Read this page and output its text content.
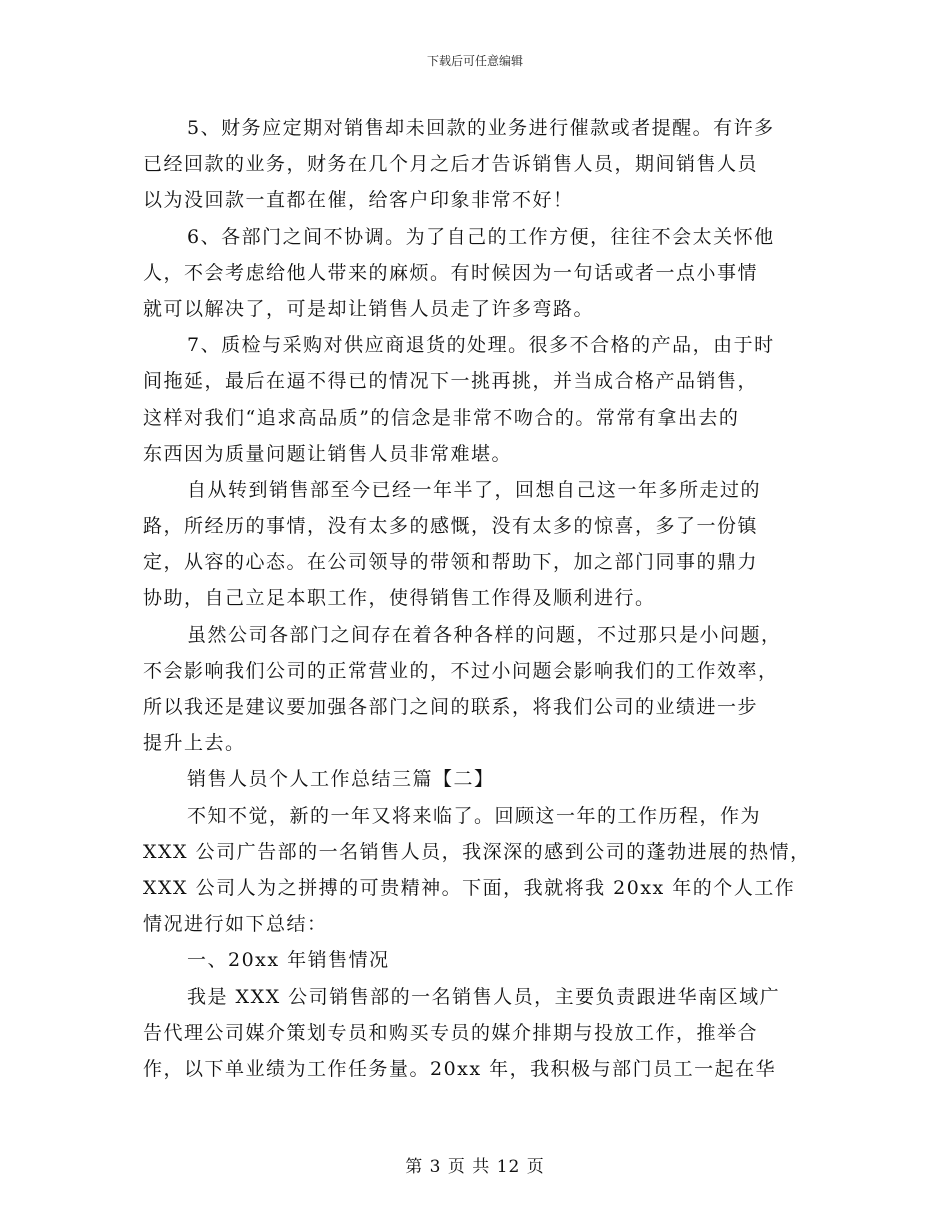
下载后可任意编辑
5、财务应定期对销售却未回款的业务进行催款或者提醒。有许多
已经回款的业务，财务在几个月之后才告诉销售人员，期间销售人员
以为没回款一直都在催，给客户印象非常不好！
6、各部门之间不协调。为了自己的工作方便，往往不会太关怀他
人，不会考虑给他人带来的麻烦。有时候因为一句话或者一点小事情
就可以解决了，可是却让销售人员走了许多弯路。
7、质检与采购对供应商退货的处理。很多不合格的产品，由于时
间拖延，最后在逼不得已的情况下一挑再挑，并当成合格产品销售，
这样对我们“追求高品质”的信念是非常不吻合的。常常有拿出去的
东西因为质量问题让销售人员非常难堪。
自从转到销售部至今已经一年半了，回想自己这一年多所走过的
路，所经历的事情，没有太多的感慨，没有太多的惊喜，多了一份镇
定，从容的心态。在公司领导的带领和帮助下，加之部门同事的鼎力
协助，自己立足本职工作，使得销售工作得及顺利进行。
虽然公司各部门之间存在着各种各样的问题，不过那只是小问题，
不会影响我们公司的正常营业的，不过小问题会影响我们的工作效率，
所以我还是建议要加强各部门之间的联系，将我们公司的业绩进一步
提升上去。
销售人员个人工作总结三篇【二】
不知不觉，新的一年又将来临了。回顾这一年的工作历程，作为
XXX 公司广告部的一名销售人员，我深深的感到公司的蓬勃进展的热情，
XXX 公司人为之拼搏的可贵精神。下面，我就将我 20xx 年的个人工作
情况进行如下总结：
一、20xx 年销售情况
我是 XXX 公司销售部的一名销售人员，主要负责跟进华南区域广
告代理公司媒介策划专员和购买专员的媒介排期与投放工作，推举合
作，以下单业绩为工作任务量。20xx 年，我积极与部门员工一起在华
第 3 页 共 12 页
